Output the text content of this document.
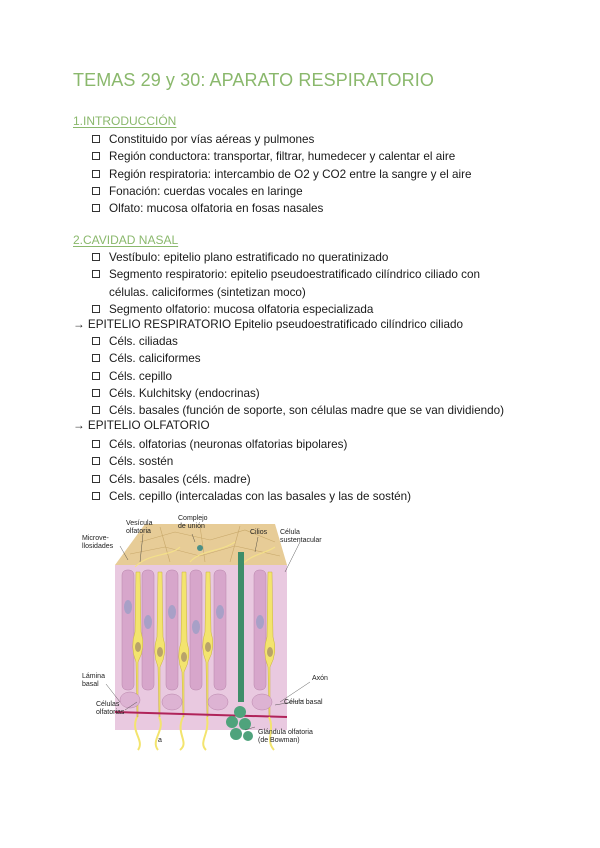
TEMAS 29 y 30: APARATO RESPIRATORIO
1.INTRODUCCIÓN
Constituido por vías aéreas y pulmones
Región conductora: transportar, filtrar, humedecer y calentar el aire
Región respiratoria: intercambio de O2 y CO2 entre la sangre y el aire
Fonación: cuerdas vocales en laringe
Olfato: mucosa olfatoria en fosas nasales
2.CAVIDAD NASAL
Vestíbulo: epitelio plano estratificado no queratinizado
Segmento respiratorio: epitelio pseudoestratificado cilíndrico ciliado con
células. caliciformes (sintetizan moco)
Segmento olfatorio: mucosa olfatoria especializada
→ EPITELIO RESPIRATORIO Epitelio pseudoestratificado cilíndrico ciliado
Céls. ciliadas
Céls. caliciformes
Céls. cepillo
Céls. Kulchitsky (endocrinas)
Céls. basales (función de soporte, son células madre que se van dividiendo)
→ EPITELIO OLFATORIO
Céls. olfatorias (neuronas olfatorias bipolares)
Céls. sostén
Céls. basales (céls. madre)
Cels. cepillo (intercaladas con las basales y las de sostén)
Complejo
de unión
Vesícula
olfatoria
Microve-
llosidades
Cilios Célula
sustentacular
Lámina
basal
Axón
Célula basal
Células
olfatorias
Glándula olfatoria
(de Bowman)
a
